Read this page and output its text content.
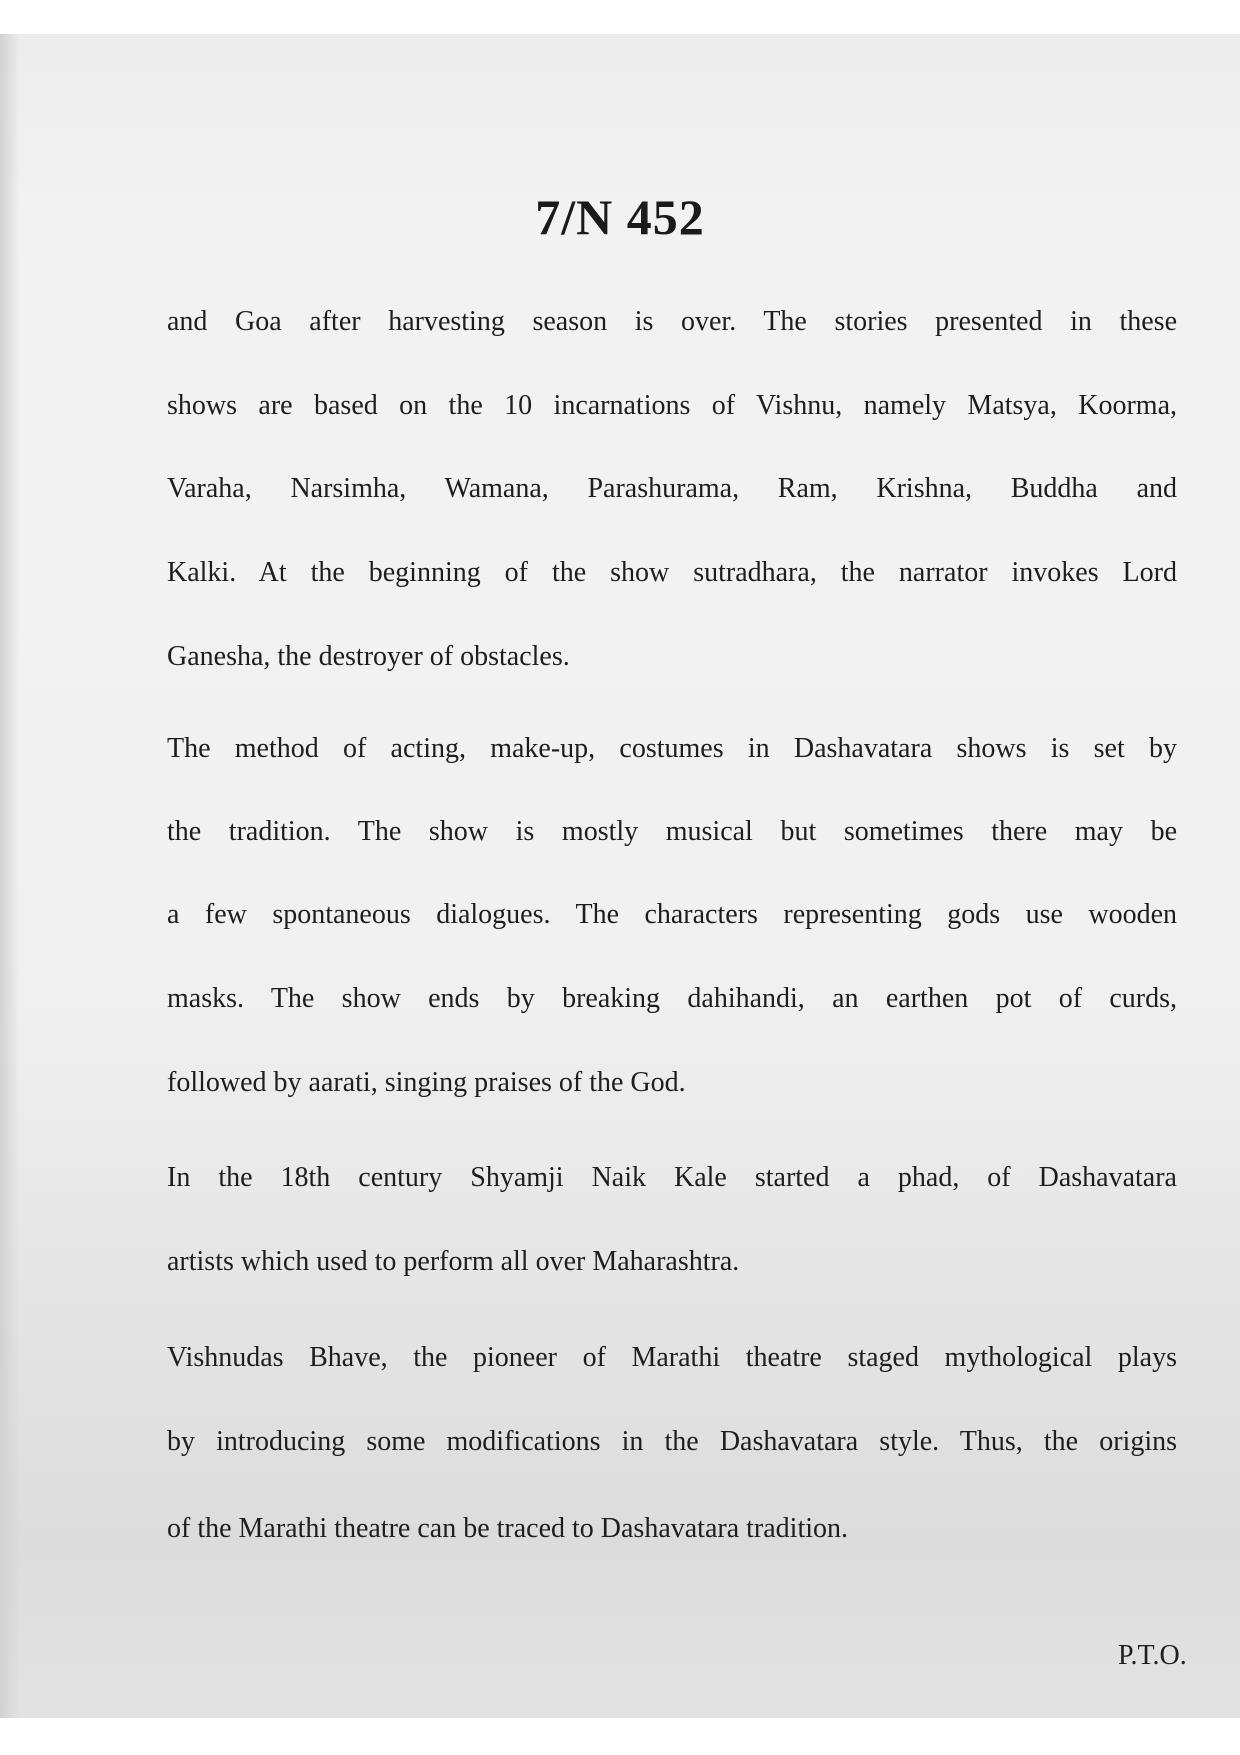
7/N 452
and Goa after harvesting season is over. The stories presented in these
shows are based on the 10 incarnations of Vishnu, namely Matsya, Koorma,
Varaha, Narsimha, Wamana, Parashurama, Ram, Krishna, Buddha and
Kalki. At the beginning of the show sutradhara, the narrator invokes Lord
Ganesha, the destroyer of obstacles.
The method of acting, make-up, costumes in Dashavatara shows is set by
the tradition. The show is mostly musical but sometimes there may be
a few spontaneous dialogues. The characters representing gods use wooden
masks. The show ends by breaking dahihandi, an earthen pot of curds,
followed by aarati, singing praises of the God.
In the 18th century Shyamji Naik Kale started a phad, of Dashavatara
artists which used to perform all over Maharashtra.
Vishnudas Bhave, the pioneer of Marathi theatre staged mythological plays
by introducing some modifications in the Dashavatara style. Thus, the origins
of the Marathi theatre can be traced to Dashavatara tradition.
P.T.O.
